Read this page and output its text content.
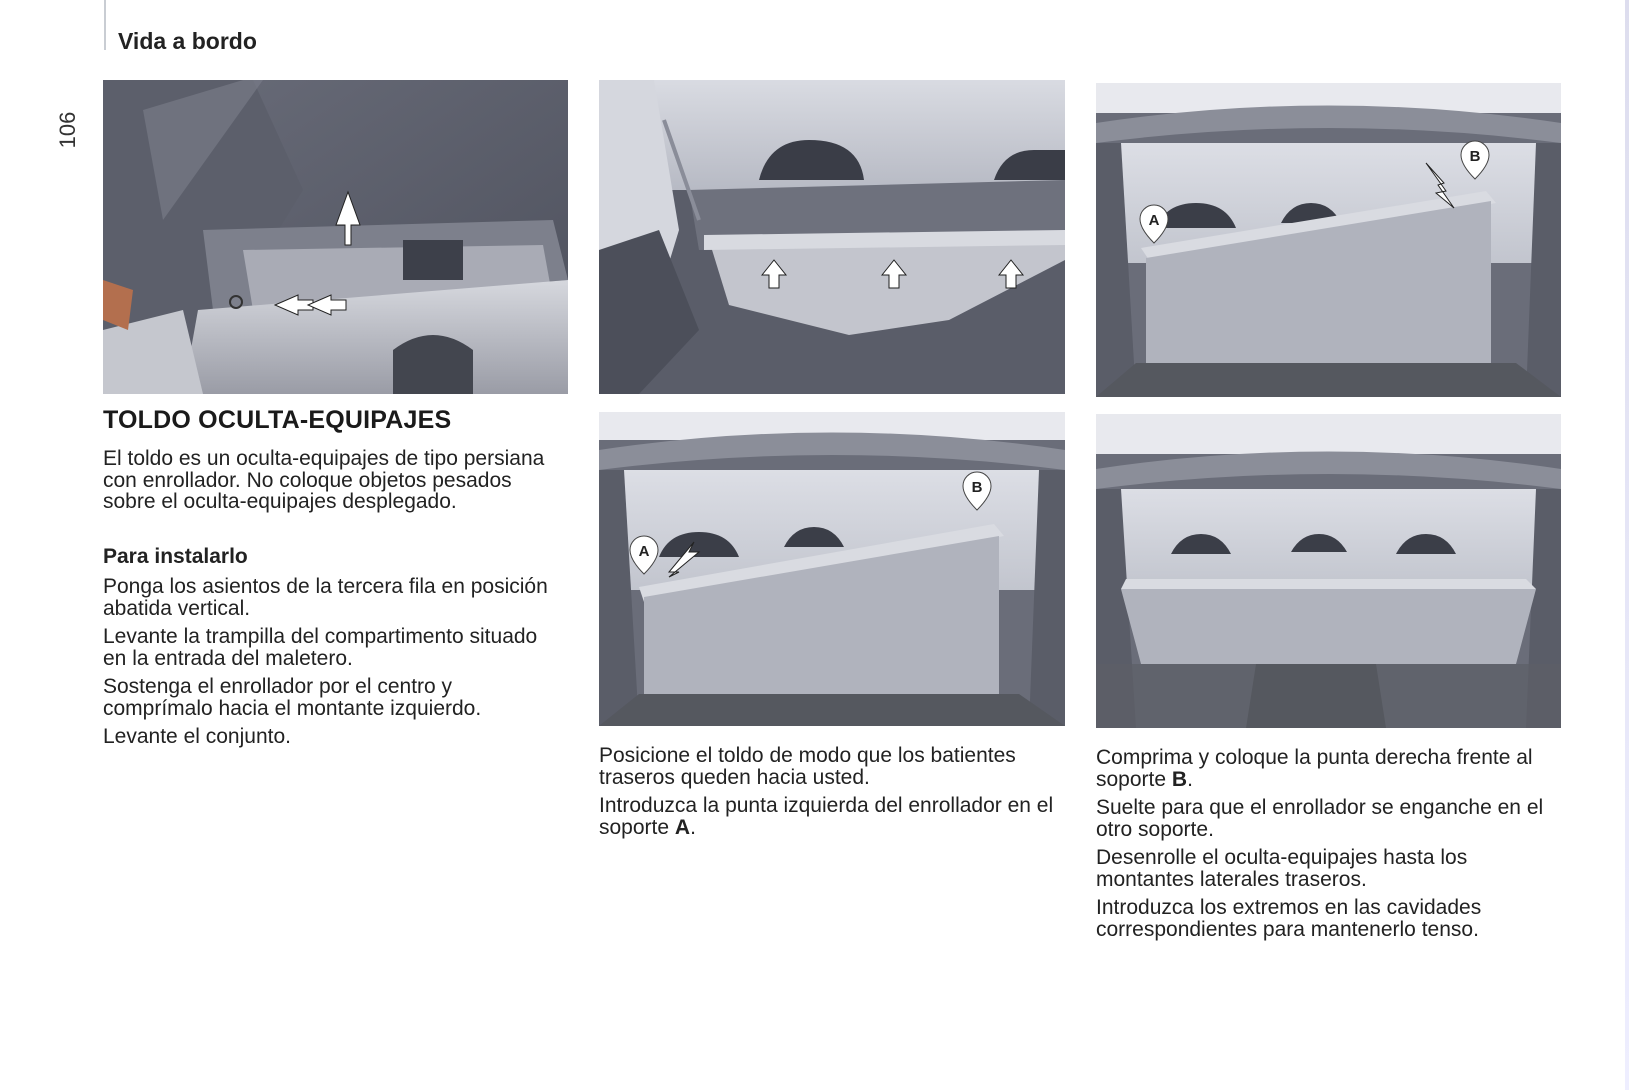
Vida a bordo
106
A
B
A
B
TOLDO OCULTA-EQUIPAJES

El toldo es un oculta-equipajes de tipo persiana con enrollador. No coloque objetos pesados sobre el oculta-equipajes desplegado.

Para instalarlo

Ponga los asientos de la tercera fila en posición abatida vertical.

Levante la trampilla del compartimento situado en la entrada del maletero.

Sostenga el enrollador por el centro y comprímalo hacia el montante izquierdo.

Levante el conjunto.

Posicione el toldo de modo que los batientes traseros queden hacia usted.

Introduzca la punta izquierda del enrollador en el soporte A.

Comprima y coloque la punta derecha frente al soporte B.

Suelte para que el enrollador se enganche en el otro soporte.

Desenrolle el oculta-equipajes hasta los montantes laterales traseros.

Introduzca los extremos en las cavidades correspondientes para mantenerlo tenso.
